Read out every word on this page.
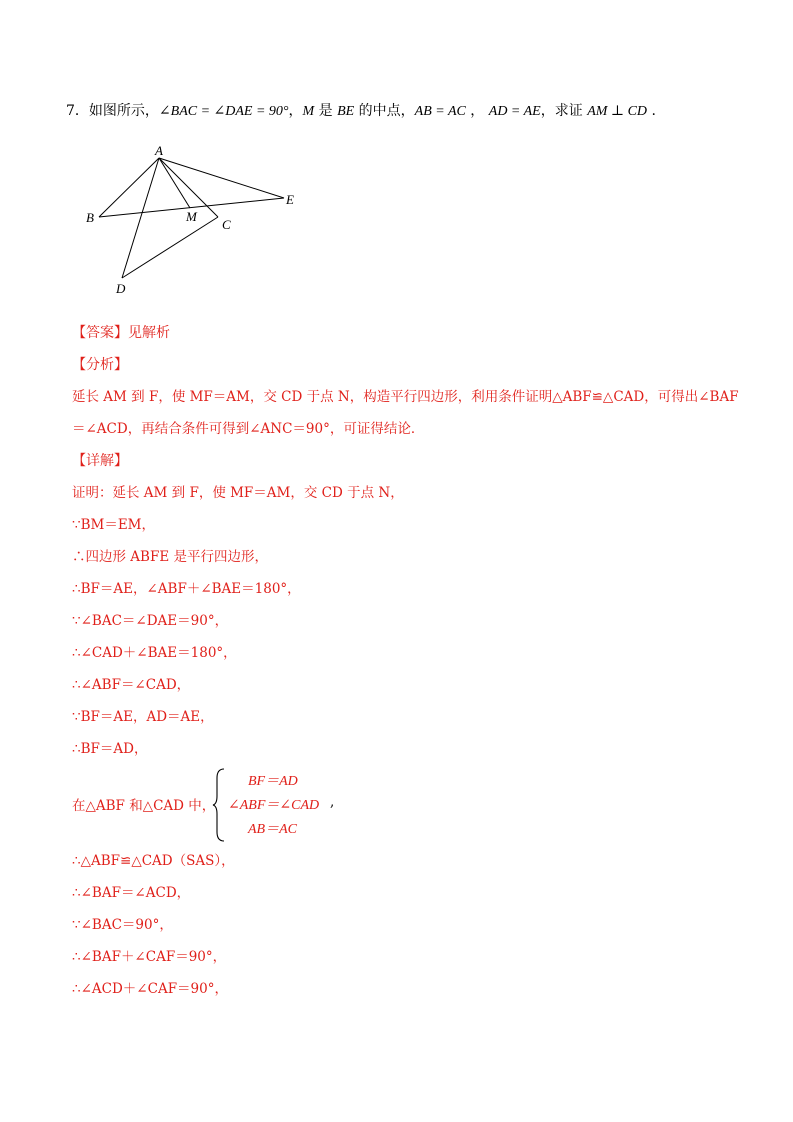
7．如图所示，∠BAC = ∠DAE = 90°，M 是 BE 的中点，AB = AC ， AD = AE，求证 AM ⊥ CD .
A
B	M
C
E
D
【答案】见解析
【分析】
延长 AM 到 F，使 MF＝AM，交 CD 于点 N，构造平行四边形，利用条件证明△ABF≌△CAD，可得出∠BAF
＝∠ACD，再结合条件可得到∠ANC＝90°，可证得结论．
【详解】
证明：延长 AM 到 F，使 MF＝AM，交 CD 于点 N，
∵BM＝EM，
∴四边形 ABFE 是平行四边形，
∴BF＝AE，∠ABF＋∠BAE＝180°，
∵∠BAC＝∠DAE＝90°，
∴∠CAD＋∠BAE＝180°，
∴∠ABF＝∠CAD，
∵BF＝AE，AD＝AE，
∴BF＝AD，
在△ABF 和△CAD 中，
BF＝AD
∠ABF＝∠CAD
AB＝AC
,
∴△ABF≌△CAD（SAS），
∴∠BAF＝∠ACD，
∵∠BAC＝90°，
∴∠BAF＋∠CAF＝90°，
∴∠ACD＋∠CAF＝90°，
